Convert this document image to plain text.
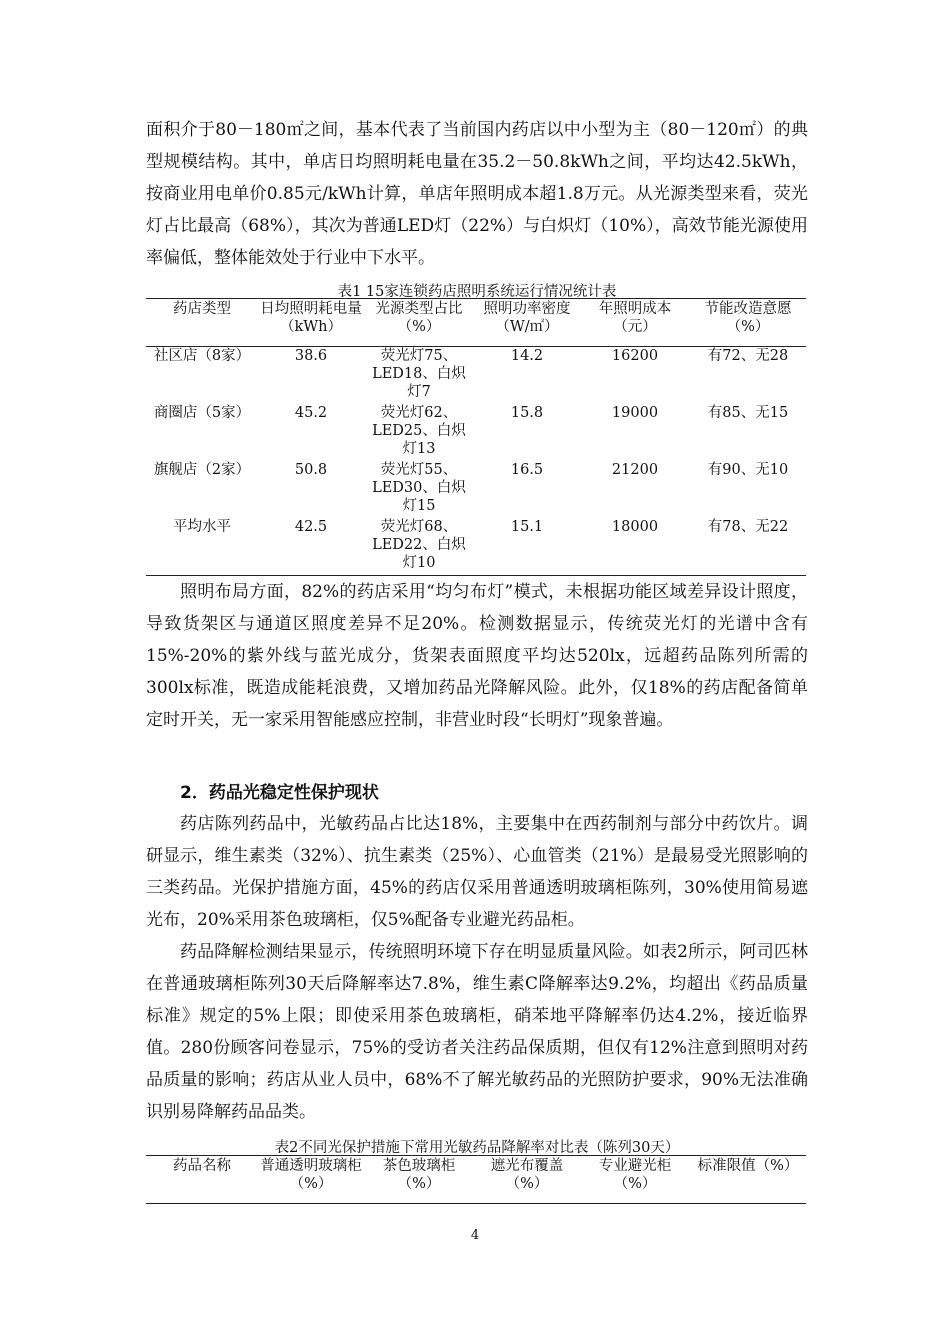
面积介于80－180㎡之间，基本代表了当前国内药店以中小型为主（80－120㎡）的典型规模结构。其中，单店日均照明耗电量在35.2－50.8kWh之间，平均达42.5kWh，按商业用电单价0.85元/kWh计算，单店年照明成本超1.8万元。从光源类型来看，荧光灯占比最高（68%），其次为普通LED灯（22%）与白炽灯（10%），高效节能光源使用率偏低，整体能效处于行业中下水平。

表1 15家连锁药店照明系统运行情况统计表

药店类型	日均照明耗电量（kWh）	光源类型占比（%）	照明功率密度（W/㎡）	年照明成本（元）	节能改造意愿（%）
社区店（8家）	38.6	荧光灯75、LED18、白炽灯7	14.2	16200	有72、无28
商圈店（5家）	45.2	荧光灯62、LED25、白炽灯13	15.8	19000	有85、无15
旗舰店（2家）	50.8	荧光灯55、LED30、白炽灯15	16.5	21200	有90、无10
平均水平	42.5	荧光灯68、LED22、白炽灯10	15.1	18000	有78、无22

照明布局方面，82%的药店采用“均匀布灯”模式，未根据功能区域差异设计照度，导致货架区与通道区照度差异不足20%。检测数据显示，传统荧光灯的光谱中含有15%-20%的紫外线与蓝光成分，货架表面照度平均达520lx，远超药品陈列所需的300lx标准，既造成能耗浪费，又增加药品光降解风险。此外，仅18%的药店配备简单定时开关，无一家采用智能感应控制，非营业时段“长明灯”现象普遍。

2．药品光稳定性保护现状

药店陈列药品中，光敏药品占比达18%，主要集中在西药制剂与部分中药饮片。调研显示，维生素类（32%）、抗生素类（25%）、心血管类（21%）是最易受光照影响的三类药品。光保护措施方面，45%的药店仅采用普通透明玻璃柜陈列，30%使用简易遮光布，20%采用茶色玻璃柜，仅5%配备专业避光药品柜。

药品降解检测结果显示，传统照明环境下存在明显质量风险。如表2所示，阿司匹林在普通玻璃柜陈列30天后降解率达7.8%，维生素C降解率达9.2%，均超出《药品质量标准》规定的5%上限；即使采用茶色玻璃柜，硝苯地平降解率仍达4.2%，接近临界值。280份顾客问卷显示，75%的受访者关注药品保质期，但仅有12%注意到照明对药品质量的影响；药店从业人员中，68%不了解光敏药品的光照防护要求，90%无法准确识别易降解药品品类。

表2不同光保护措施下常用光敏药品降解率对比表（陈列30天）

药品名称	普通透明玻璃柜（%）	茶色玻璃柜（%）	遮光布覆盖（%）	专业避光柜（%）	标准限值（%）
4
